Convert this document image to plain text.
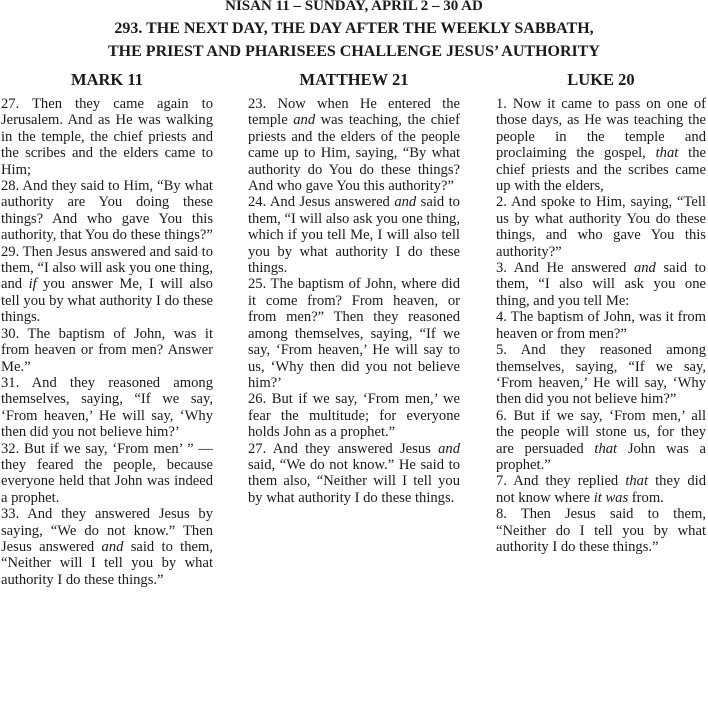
NISAN 11 – SUNDAY, APRIL 2 – 30 AD
293. THE NEXT DAY, THE DAY AFTER THE WEEKLY SABBATH,
THE PRIEST AND PHARISEES CHALLENGE JESUS’ AUTHORITY
MARK 11

27. Then they came again to Jerusalem. And as He was walking in the temple, the chief priests and the scribes and the elders came to Him;

28. And they said to Him, “By what authority are You doing these things? And who gave You this authority, that You do these things?”

29. Then Jesus answered and said to them, “I also will ask you one thing, and if you answer Me, I will also tell you by what authority I do these things.

30. The baptism of John, was it from heaven or from men? Answer Me.”

31. And they reasoned among themselves, saying, “If we say, ‘From heaven,’ He will say, ‘Why then did you not believe him?’

32. But if we say, ‘From men’ ” —they feared the people, because everyone held that John was indeed a prophet.

33. And they answered Jesus by saying, “We do not know.” Then Jesus answered and said to them, “Neither will I tell you by what authority I do these things.”

MATTHEW 21

23. Now when He entered the temple and was teaching, the chief priests and the elders of the people came up to Him, saying, “By what authority do You do these things? And who gave You this authority?”

24. And Jesus answered and said to them, “I will also ask you one thing, which if you tell Me, I will also tell you by what authority I do these things.

25. The baptism of John, where did it come from? From heaven, or from men?” Then they reasoned among themselves, saying, “If we say, ‘From heaven,’ He will say to us, ‘Why then did you not believe him?’

26. But if we say, ‘From men,’ we fear the multitude; for everyone holds John as a prophet.”

27. And they answered Jesus and said, “We do not know.” He said to them also, “Neither will I tell you by what authority I do these things.

LUKE 20

1. Now it came to pass on one of those days, as He was teaching the people in the temple and proclaiming the gospel, that the chief priests and the scribes came up with the elders,

2. And spoke to Him, saying, “Tell us by what authority You do these things, and who gave You this authority?”

3. And He answered and said to them, “I also will ask you one thing, and you tell Me:

4. The baptism of John, was it from heaven or from men?”

5. And they reasoned among themselves, saying, “If we say, ‘From heaven,’ He will say, ‘Why then did you not believe him?”

6. But if we say, ‘From men,’ all the people will stone us, for they are persuaded that John was a prophet.”

7. And they replied that they did not know where it was from.

8. Then Jesus said to them, “Neither do I tell you by what authority I do these things.”
